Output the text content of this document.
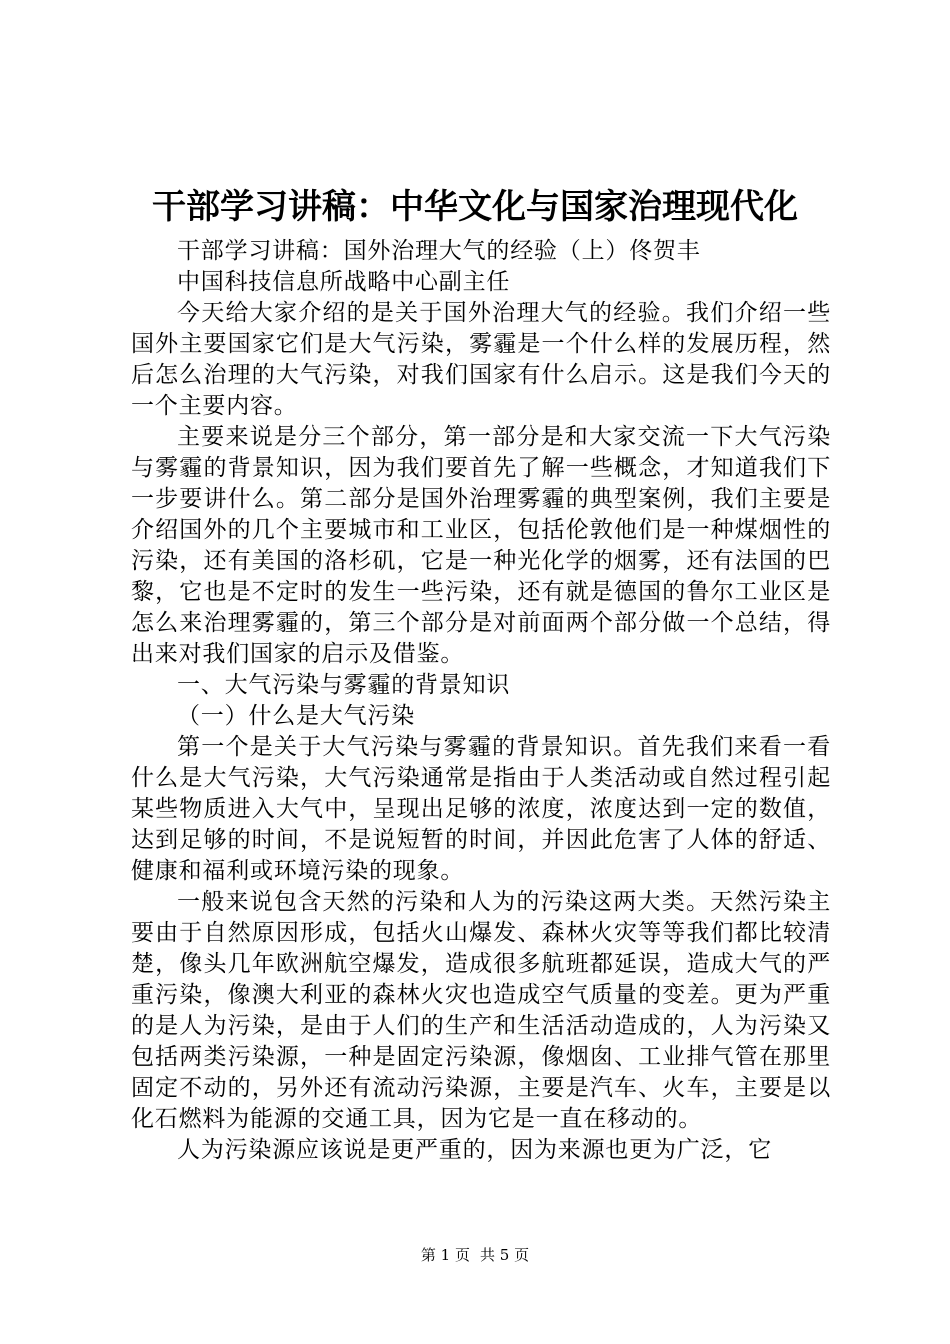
干部学习讲稿：中华文化与国家治理现代化

干部学习讲稿：国外治理大气的经验（上）佟贺丰

中国科技信息所战略中心副主任

今天给大家介绍的是关于国外治理大气的经验。我们介绍一些国外主要国家它们是大气污染，雾霾是一个什么样的发展历程，然后怎么治理的大气污染，对我们国家有什么启示。这是我们今天的一个主要内容。

主要来说是分三个部分，第一部分是和大家交流一下大气污染与雾霾的背景知识，因为我们要首先了解一些概念，才知道我们下一步要讲什么。第二部分是国外治理雾霾的典型案例，我们主要是介绍国外的几个主要城市和工业区，包括伦敦他们是一种煤烟性的污染，还有美国的洛杉矶，它是一种光化学的烟雾，还有法国的巴黎，它也是不定时的发生一些污染，还有就是德国的鲁尔工业区是怎么来治理雾霾的，第三个部分是对前面两个部分做一个总结，得出来对我们国家的启示及借鉴。

一、大气污染与雾霾的背景知识

（一）什么是大气污染

第一个是关于大气污染与雾霾的背景知识。首先我们来看一看什么是大气污染，大气污染通常是指由于人类活动或自然过程引起某些物质进入大气中，呈现出足够的浓度，浓度达到一定的数值，达到足够的时间，不是说短暂的时间，并因此危害了人体的舒适、健康和福利或环境污染的现象。

一般来说包含天然的污染和人为的污染这两大类。天然污染主要由于自然原因形成，包括火山爆发、森林火灾等等我们都比较清楚，像头几年欧洲航空爆发，造成很多航班都延误，造成大气的严重污染，像澳大利亚的森林火灾也造成空气质量的变差。更为严重的是人为污染，是由于人们的生产和生活活动造成的，人为污染又包括两类污染源，一种是固定污染源，像烟囱、工业排气管在那里固定不动的，另外还有流动污染源，主要是汽车、火车，主要是以化石燃料为能源的交通工具，因为它是一直在移动的。

人为污染源应该说是更严重的，因为来源也更为广泛，它

第 1 页 共 5 页
